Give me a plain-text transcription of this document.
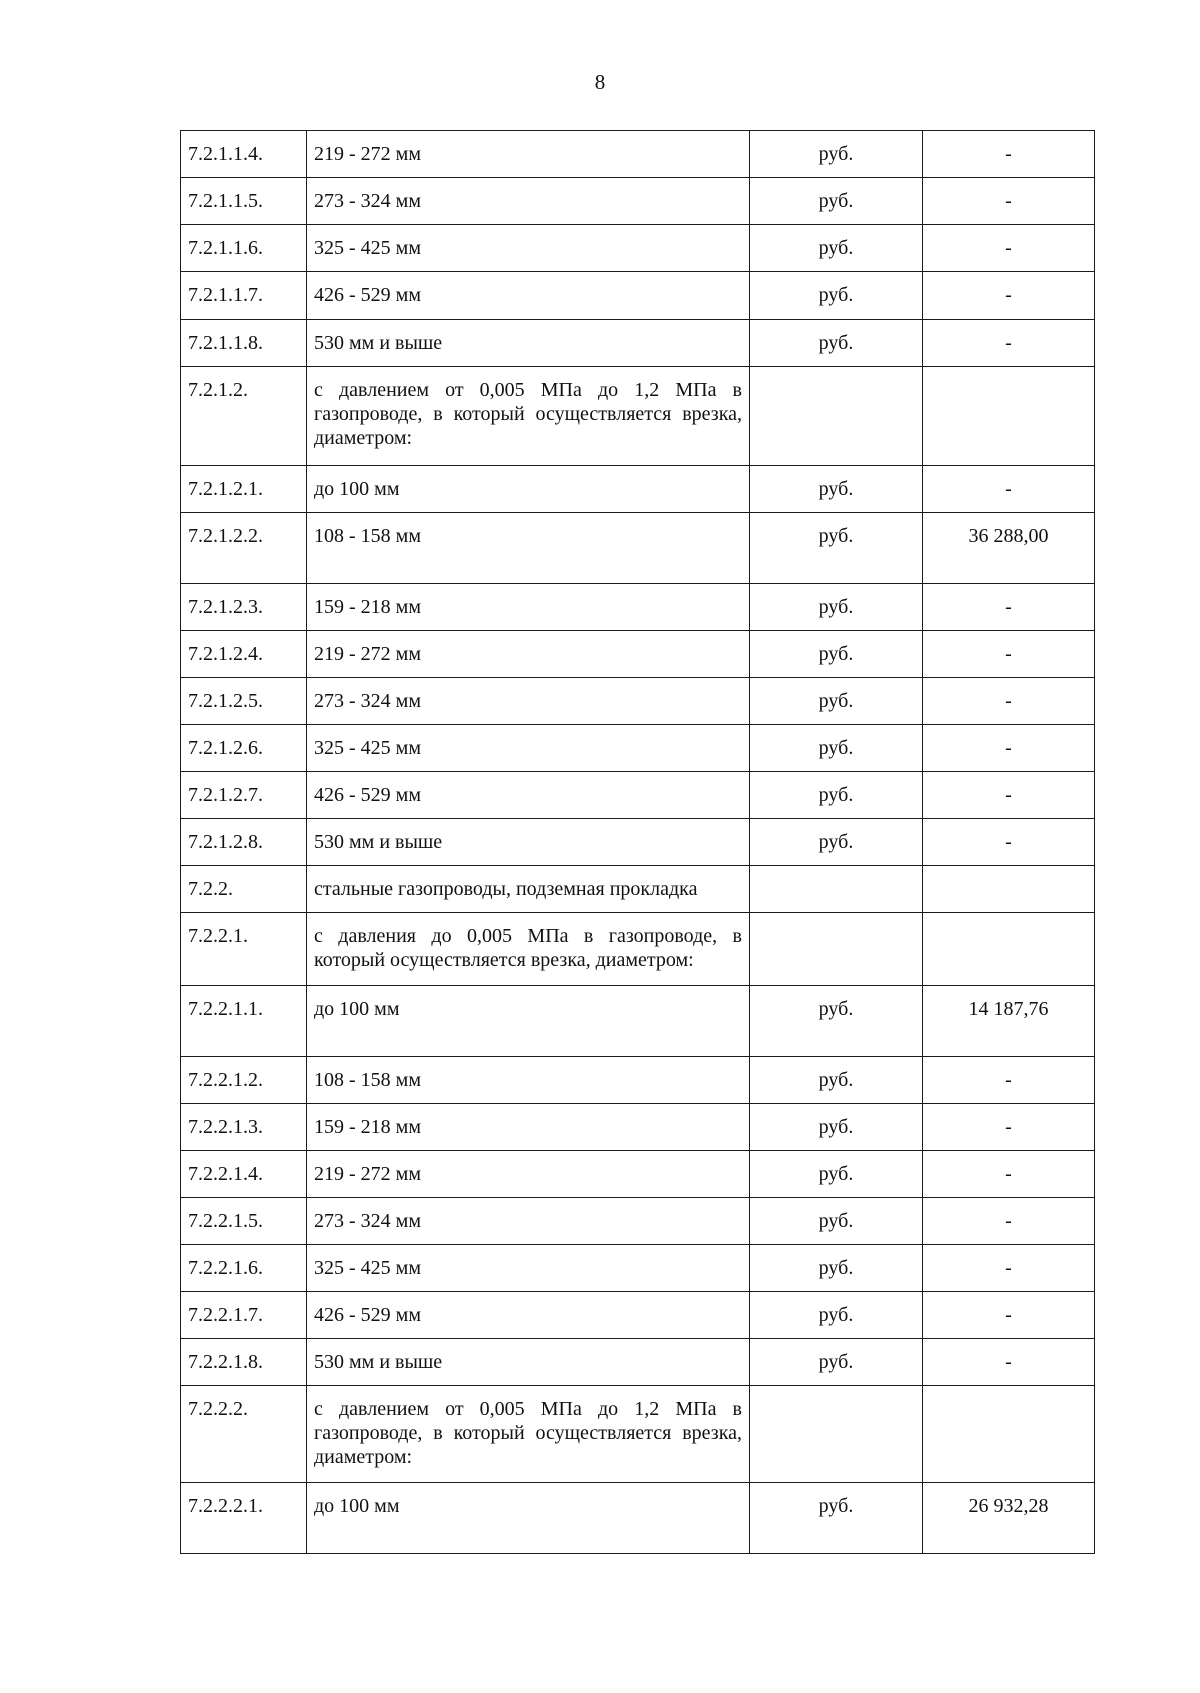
8
7.2.1.1.4.	219 - 272 мм	руб.	-
7.2.1.1.5.	273 - 324 мм	руб.	-
7.2.1.1.6.	325 - 425 мм	руб.	-
7.2.1.1.7.	426 - 529 мм	руб.	-
7.2.1.1.8.	530 мм и выше	руб.	-
7.2.1.2.	с давлением от 0,005 МПа до 1,2 МПа в газопроводе, в который осуществляется врезка, диаметром:		
7.2.1.2.1.	до 100 мм	руб.	-
7.2.1.2.2.	108 - 158 мм	руб.	36 288,00
7.2.1.2.3.	159 - 218 мм	руб.	-
7.2.1.2.4.	219 - 272 мм	руб.	-
7.2.1.2.5.	273 - 324 мм	руб.	-
7.2.1.2.6.	325 - 425 мм	руб.	-
7.2.1.2.7.	426 - 529 мм	руб.	-
7.2.1.2.8.	530 мм и выше	руб.	-
7.2.2.	стальные газопроводы, подземная прокладка		
7.2.2.1.	с давления до 0,005 МПа в газопроводе, в который осуществляется врезка, диаметром:		
7.2.2.1.1.	до 100 мм	руб.	14 187,76
7.2.2.1.2.	108 - 158 мм	руб.	-
7.2.2.1.3.	159 - 218 мм	руб.	-
7.2.2.1.4.	219 - 272 мм	руб.	-
7.2.2.1.5.	273 - 324 мм	руб.	-
7.2.2.1.6.	325 - 425 мм	руб.	-
7.2.2.1.7.	426 - 529 мм	руб.	-
7.2.2.1.8.	530 мм и выше	руб.	-
7.2.2.2.	с давлением от 0,005 МПа до 1,2 МПа в газопроводе, в который осуществляется врезка, диаметром:		
7.2.2.2.1.	до 100 мм	руб.	26 932,28
